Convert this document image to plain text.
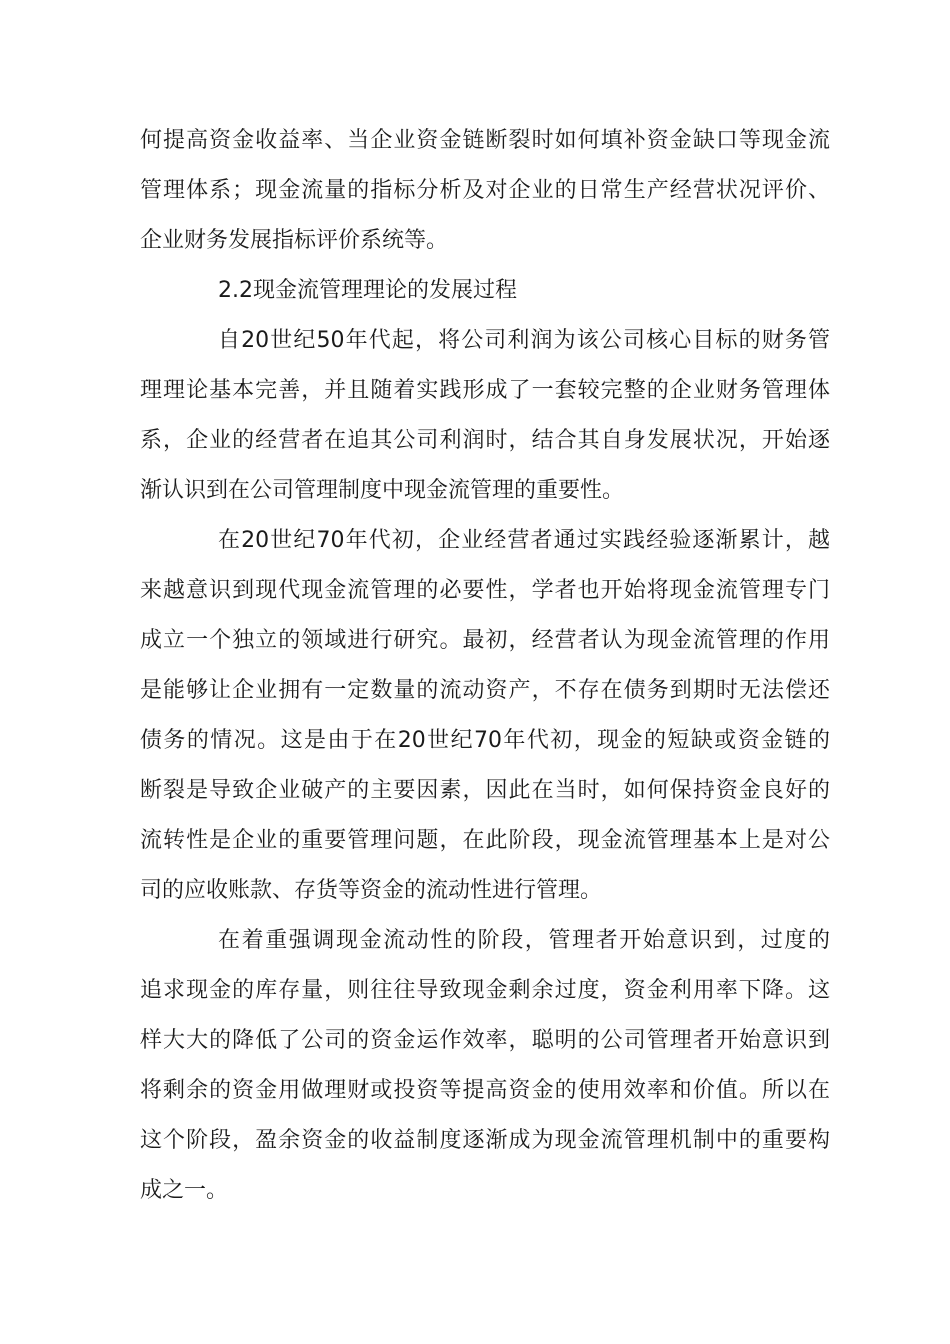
何提高资金收益率、当企业资金链断裂时如何填补资金缺口等现金流
管理体系；现金流量的指标分析及对企业的日常生产经营状况评价、
企业财务发展指标评价系统等。
2.2现金流管理理论的发展过程
自20世纪50年代起，将公司利润为该公司核心目标的财务管
理理论基本完善，并且随着实践形成了一套较完整的企业财务管理体
系，企业的经营者在追其公司利润时，结合其自身发展状况，开始逐
渐认识到在公司管理制度中现金流管理的重要性。
在20世纪70年代初，企业经营者通过实践经验逐渐累计，越
来越意识到现代现金流管理的必要性，学者也开始将现金流管理专门
成立一个独立的领域进行研究。最初，经营者认为现金流管理的作用
是能够让企业拥有一定数量的流动资产，不存在债务到期时无法偿还
债务的情况。这是由于在20世纪70年代初，现金的短缺或资金链的
断裂是导致企业破产的主要因素，因此在当时，如何保持资金良好的
流转性是企业的重要管理问题，在此阶段，现金流管理基本上是对公
司的应收账款、存货等资金的流动性进行管理。
在着重强调现金流动性的阶段，管理者开始意识到，过度的
追求现金的库存量，则往往导致现金剩余过度，资金利用率下降。这
样大大的降低了公司的资金运作效率，聪明的公司管理者开始意识到
将剩余的资金用做理财或投资等提高资金的使用效率和价值。所以在
这个阶段，盈余资金的收益制度逐渐成为现金流管理机制中的重要构
成之一。
